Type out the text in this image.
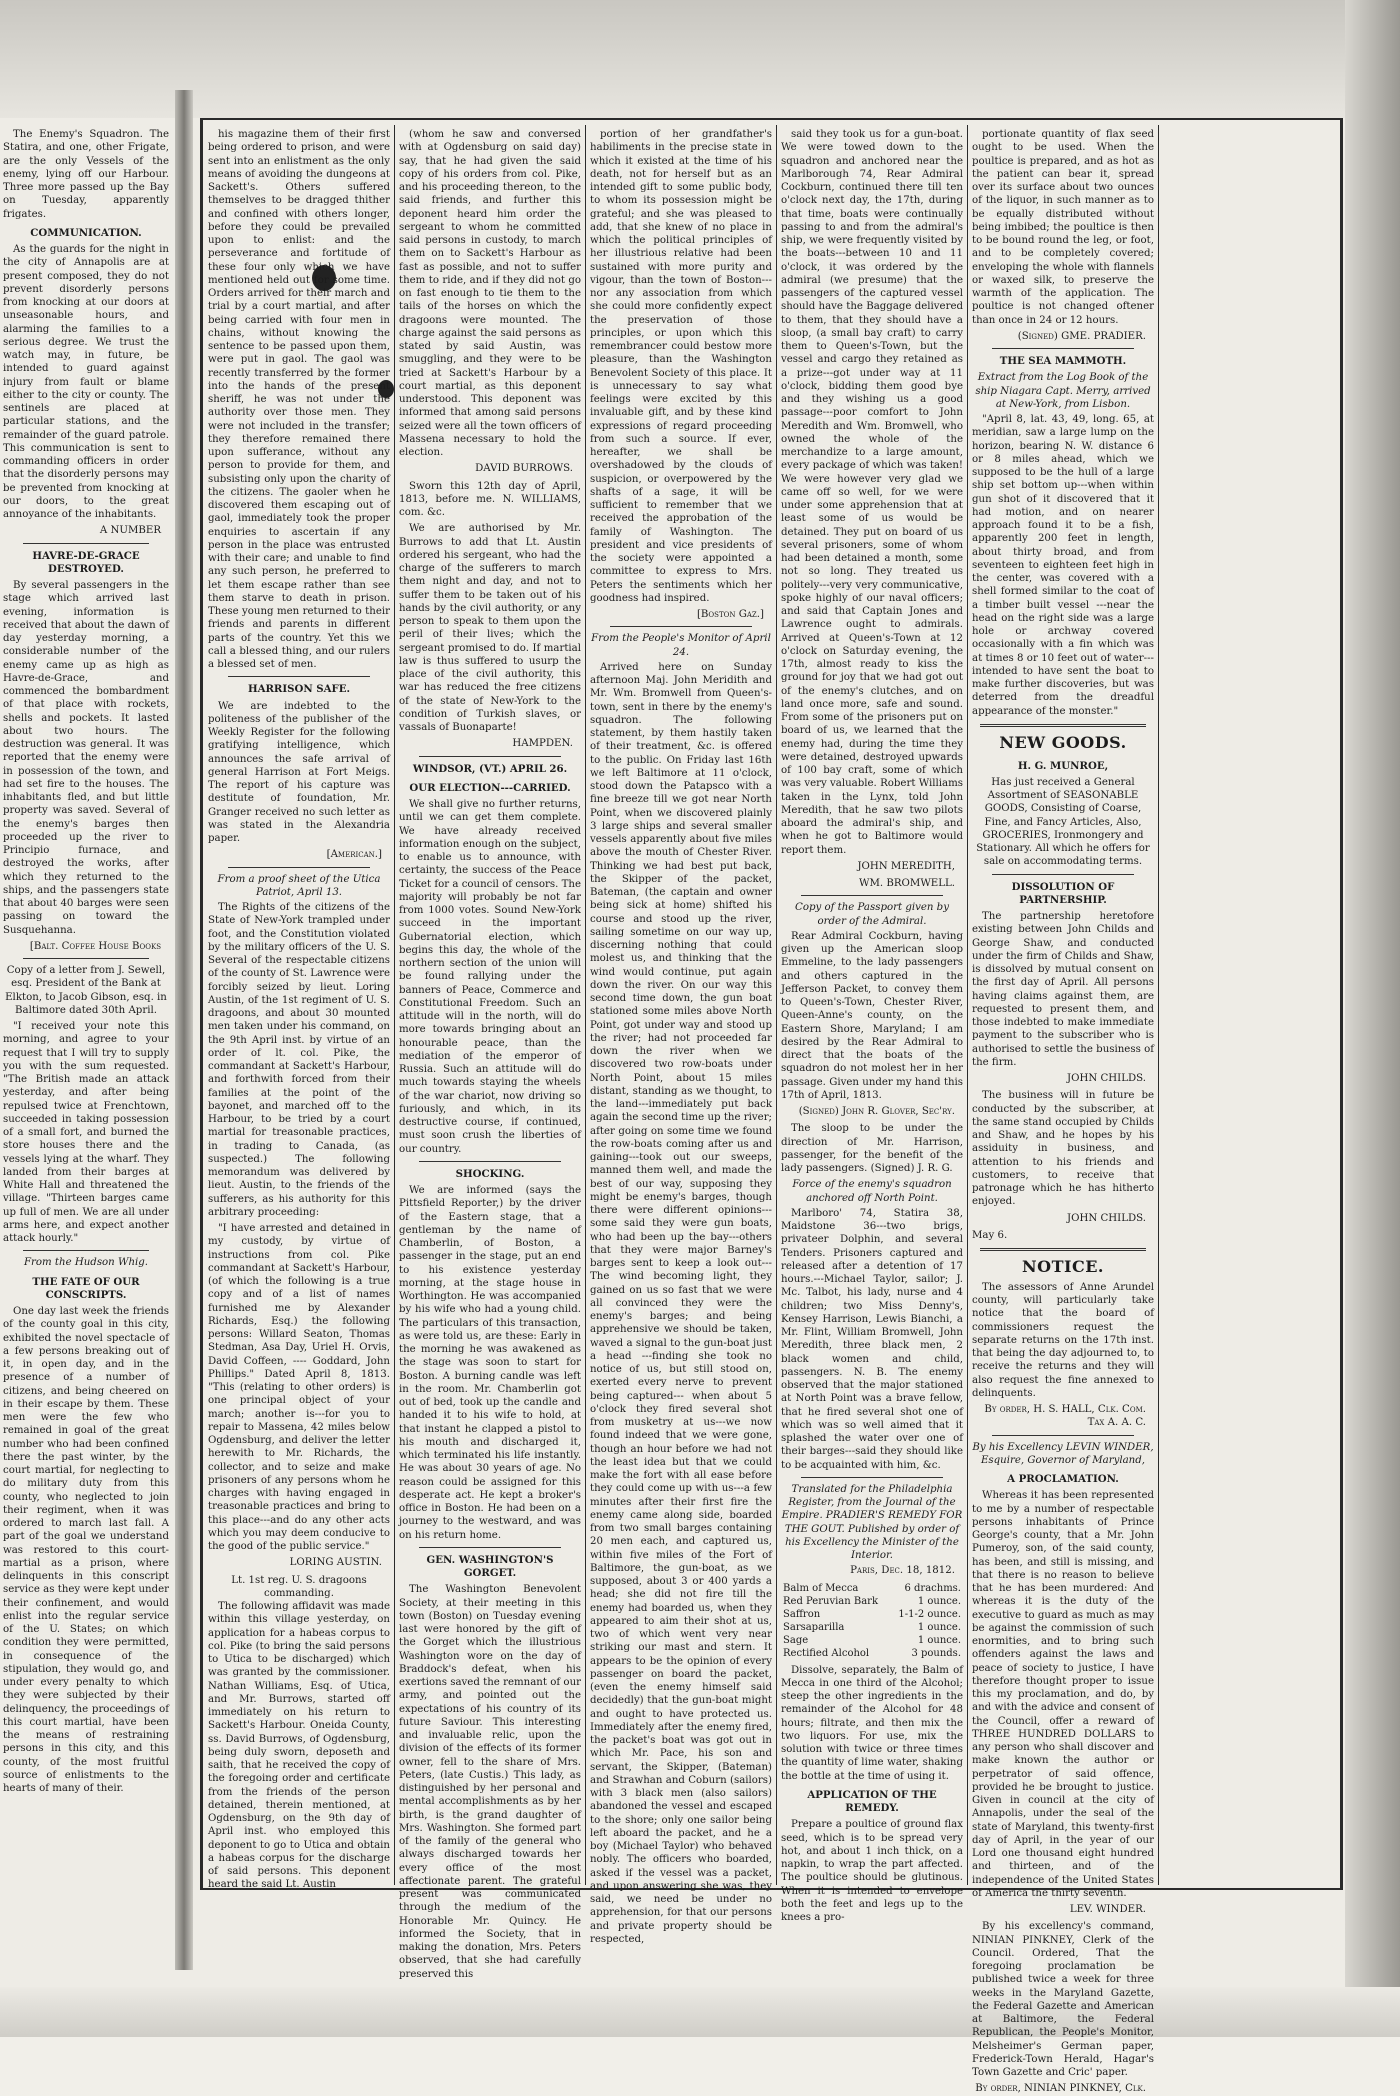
The Enemy's Squadron. The Statira, and one, other Frigate, are the only Vessels of the enemy, lying off our Harbour. Three more passed up the Bay on Tuesday, apparently frigates.

COMMUNICATION.

As the guards for the night in the city of Annapolis are at present composed, they do not prevent disorderly persons from knocking at our doors at unseasonable hours, and alarming the families to a serious degree. We trust the watch may, in future, be intended to guard against injury from fault or blame either to the city or county. The sentinels are placed at particular stations, and the remainder of the guard patrole. This communication is sent to commanding officers in order that the disorderly persons may be prevented from knocking at our doors, to the great annoyance of the inhabitants.

A NUMBER
HAVRE-DE-GRACE DESTROYED.

By several passengers in the stage which arrived last evening, information is received that about the dawn of day yesterday morning, a considerable number of the enemy came up as high as Havre-de-Grace, and commenced the bombardment of that place with rockets, shells and pockets. It lasted about two hours. The destruction was general. It was reported that the enemy were in possession of the town, and had set fire to the houses. The inhabitants fled, and but little property was saved. Several of the enemy's barges then proceeded up the river to Principio furnace, and destroyed the works, after which they returned to the ships, and the passengers state that about 40 barges were seen passing on toward the Susquehanna.

[Balt. Coffee House Books

Copy of a letter from J. Sewell, esq. President of the Bank at Elkton, to Jacob Gibson, esq. in Baltimore dated 30th April.

"I received your note this morning, and agree to your request that I will try to supply you with the sum requested. "The British made an attack yesterday, and after being repulsed twice at Frenchtown, succeeded in taking possession of a small fort, and burned the store houses there and the vessels lying at the wharf. They landed from their barges at White Hall and threatened the village. "Thirteen barges came up full of men. We are all under arms here, and expect another attack hourly."

From the Hudson Whig.
THE FATE OF OUR CONSCRIPTS.

One day last week the friends of the county goal in this city, exhibited the novel spectacle of a few persons breaking out of it, in open day, and in the presence of a number of citizens, and being cheered on in their escape by them. These men were the few who remained in goal of the great number who had been confined there the past winter, by the court martial, for neglecting to do military duty from this county, who neglected to join their regiment, when it was ordered to march last fall. A part of the goal we understand was restored to this court-martial as a prison, where delinquents in this conscript service as they were kept under their confinement, and would enlist into the regular service of the U. States; on which condition they were permitted, in consequence of the stipulation, they would go, and under every penalty to which they were subjected by their delinquency, the proceedings of this court martial, have been the means of restraining persons in this city, and this county, of the most fruitful source of enlistments to the hearts of many of their.

his magazine them of their first being ordered to prison, and were sent into an enlistment as the only means of avoiding the dungeons at Sackett's. Others suffered themselves to be dragged thither and confined with others longer, before they could be prevailed upon to enlist: and the perseverance and fortitude of these four only which we have mentioned held out for some time. Orders arrived for their march and trial by a court martial, and after being carried with four men in chains, without knowing the sentence to be passed upon them, were put in gaol. The gaol was recently transferred by the former into the hands of the present sheriff, he was not under the authority over those men. They were not included in the transfer; they therefore remained there upon sufferance, without any person to provide for them, and subsisting only upon the charity of the citizens. The gaoler when he discovered them escaping out of gaol, immediately took the proper enquiries to ascertain if any person in the place was entrusted with their care; and unable to find any such person, he preferred to let them escape rather than see them starve to death in prison. These young men returned to their friends and parents in different parts of the country. Yet this we call a blessed thing, and our rulers a blessed set of men.

HARRISON SAFE.

We are indebted to the politeness of the publisher of the Weekly Register for the following gratifying intelligence, which announces the safe arrival of general Harrison at Fort Meigs. The report of his capture was destitute of foundation, Mr. Granger received no such letter as was stated in the Alexandria paper.

[American.]
From a proof sheet of the Utica Patriot, April 13.

The Rights of the citizens of the State of New-York trampled under foot, and the Constitution violated by the military officers of the U. S. Several of the respectable citizens of the county of St. Lawrence were forcibly seized by lieut. Loring Austin, of the 1st regiment of U. S. dragoons, and about 30 mounted men taken under his command, on the 9th April inst. by virtue of an order of lt. col. Pike, the commandant at Sackett's Harbour, and forthwith forced from their families at the point of the bayonet, and marched off to the Harbour, to be tried by a court martial for treasonable practices, in trading to Canada, (as suspected.) The following memorandum was delivered by lieut. Austin, to the friends of the sufferers, as his authority for this arbitrary proceeding:

"I have arrested and detained in my custody, by virtue of instructions from col. Pike commandant at Sackett's Harbour, (of which the following is a true copy and of a list of names furnished me by Alexander Richards, Esq.) the following persons: Willard Seaton, Thomas Stedman, Asa Day, Uriel H. Orvis, David Coffeen, ---- Goddard, John Phillips." Dated April 8, 1813. "This (relating to other orders) is one principal object of your march; another is---for you to repair to Massena, 42 miles below Ogdensburg, and deliver the letter herewith to Mr. Richards, the collector, and to seize and make prisoners of any persons whom he charges with having engaged in treasonable practices and bring to this place---and do any other acts which you may deem conducive to the good of the public service."

LORING AUSTIN.
Lt. 1st reg. U. S. dragoons commanding.

The following affidavit was made within this village yesterday, on application for a habeas corpus to col. Pike (to bring the said persons to Utica to be discharged) which was granted by the commissioner. Nathan Williams, Esq. of Utica, and Mr. Burrows, started off immediately on his return to Sackett's Harbour. Oneida County, ss. David Burrows, of Ogdensburg, being duly sworn, deposeth and saith, that he received the copy of the foregoing order and certificate from the friends of the person detained, therein mentioned, at Ogdensburg, on the 9th day of April inst. who employed this deponent to go to Utica and obtain a habeas corpus for the discharge of said persons. This deponent heard the said Lt. Austin

(whom he saw and conversed with at Ogdensburg on said day) say, that he had given the said copy of his orders from col. Pike, and his proceeding thereon, to the said friends, and further this deponent heard him order the sergeant to whom he committed said persons in custody, to march them on to Sackett's Harbour as fast as possible, and not to suffer them to ride, and if they did not go on fast enough to tie them to the tails of the horses on which the dragoons were mounted. The charge against the said persons as stated by said Austin, was smuggling, and they were to be tried at Sackett's Harbour by a court martial, as this deponent understood. This deponent was informed that among said persons seized were all the town officers of Massena necessary to hold the election.

DAVID BURROWS.

Sworn this 12th day of April, 1813, before me. N. WILLIAMS, com. &c.

We are authorised by Mr. Burrows to add that Lt. Austin ordered his sergeant, who had the charge of the sufferers to march them night and day, and not to suffer them to be taken out of his hands by the civil authority, or any person to speak to them upon the peril of their lives; which the sergeant promised to do. If martial law is thus suffered to usurp the place of the civil authority, this war has reduced the free citizens of the state of New-York to the condition of Turkish slaves, or vassals of Buonaparte!

HAMPDEN.
WINDSOR, (VT.) APRIL 26.
OUR ELECTION---CARRIED.

We shall give no further returns, until we can get them complete. We have already received information enough on the subject, to enable us to announce, with certainty, the success of the Peace Ticket for a council of censors. The majority will probably be not far from 1000 votes. Sound New-York succeed in the important Gubernatorial election, which begins this day, the whole of the northern section of the union will be found rallying under the banners of Peace, Commerce and Constitutional Freedom. Such an attitude will in the north, will do more towards bringing about an honourable peace, than the mediation of the emperor of Russia. Such an attitude will do much towards staying the wheels of the war chariot, now driving so furiously, and which, in its destructive course, if continued, must soon crush the liberties of our country.

SHOCKING.

We are informed (says the Pittsfield Reporter,) by the driver of the Eastern stage, that a gentleman by the name of Chamberlin, of Boston, a passenger in the stage, put an end to his existence yesterday morning, at the stage house in Worthington. He was accompanied by his wife who had a young child. The particulars of this transaction, as were told us, are these: Early in the morning he was awakened as the stage was soon to start for Boston. A burning candle was left in the room. Mr. Chamberlin got out of bed, took up the candle and handed it to his wife to hold, at that instant he clapped a pistol to his mouth and discharged it, which terminated his life instantly. He was about 30 years of age. No reason could be assigned for this desperate act. He kept a broker's office in Boston. He had been on a journey to the westward, and was on his return home.

GEN. WASHINGTON'S GORGET.

The Washington Benevolent Society, at their meeting in this town (Boston) on Tuesday evening last were honored by the gift of the Gorget which the illustrious Washington wore on the day of Braddock's defeat, when his exertions saved the remnant of our army, and pointed out the expectations of his country of its future Saviour. This interesting and invaluable relic, upon the division of the effects of its former owner, fell to the share of Mrs. Peters, (late Custis.) This lady, as distinguished by her personal and mental accomplishments as by her birth, is the grand daughter of Mrs. Washington. She formed part of the family of the general who always discharged towards her every office of the most affectionate parent. The grateful present was communicated through the medium of the Honorable Mr. Quincy. He informed the Society, that in making the donation, Mrs. Peters observed, that she had carefully preserved this

portion of her grandfather's habiliments in the precise state in which it existed at the time of his death, not for herself but as an intended gift to some public body, to whom its possession might be grateful; and she was pleased to add, that she knew of no place in which the political principles of her illustrious relative had been sustained with more purity and vigour, than the town of Boston---nor any association from which she could more confidently expect the preservation of those principles, or upon which this remembrancer could bestow more pleasure, than the Washington Benevolent Society of this place. It is unnecessary to say what feelings were excited by this invaluable gift, and by these kind expressions of regard proceeding from such a source. If ever, hereafter, we shall be overshadowed by the clouds of suspicion, or overpowered by the shafts of a sage, it will be sufficient to remember that we received the approbation of the family of Washington. The president and vice presidents of the society were appointed a committee to express to Mrs. Peters the sentiments which her goodness had inspired.

[Boston Gaz.]
From the People's Monitor of April 24.

Arrived here on Sunday afternoon Maj. John Meridith and Mr. Wm. Bromwell from Queen's-town, sent in there by the enemy's squadron. The following statement, by them hastily taken of their treatment, &c. is offered to the public. On Friday last 16th we left Baltimore at 11 o'clock, stood down the Patapsco with a fine breeze till we got near North Point, when we discovered plainly 3 large ships and several smaller vessels apparently about five miles above the mouth of Chester River. Thinking we had best put back, the Skipper of the packet, Bateman, (the captain and owner being sick at home) shifted his course and stood up the river, sailing sometime on our way up, discerning nothing that could molest us, and thinking that the wind would continue, put again down the river. On our way this second time down, the gun boat stationed some miles above North Point, got under way and stood up the river; had not proceeded far down the river when we discovered two row-boats under North Point, about 15 miles distant, standing as we thought, to the land---immediately put back again the second time up the river; after going on some time we found the row-boats coming after us and gaining---took out our sweeps, manned them well, and made the best of our way, supposing they might be enemy's barges, though there were different opinions---some said they were gun boats, who had been up the bay---others that they were major Barney's barges sent to keep a look out---The wind becoming light, they gained on us so fast that we were all convinced they were the enemy's barges; and being apprehensive we should be taken, waved a signal to the gun-boat just a head ---finding she took no notice of us, but still stood on, exerted every nerve to prevent being captured--- when about 5 o'clock they fired several shot from musketry at us---we now found indeed that we were gone, though an hour before we had not the least idea but that we could make the fort with all ease before they could come up with us---a few minutes after their first fire the enemy came along side, boarded from two small barges containing 20 men each, and captured us, within five miles of the Fort of Baltimore, the gun-boat, as we supposed, about 3 or 400 yards a head; she did not fire till the enemy had boarded us, when they appeared to aim their shot at us, two of which went very near striking our mast and stern. It appears to be the opinion of every passenger on board the packet, (even the enemy himself said decidedly) that the gun-boat might and ought to have protected us. Immediately after the enemy fired, the packet's boat was got out in which Mr. Pace, his son and servant, the Skipper, (Bateman) and Strawhan and Coburn (sailors) with 3 black men (also sailors) abandoned the vessel and escaped to the shore; only one sailor being left aboard the packet, and he a boy (Michael Taylor) who behaved nobly. The officers who boarded, asked if the vessel was a packet, and upon answering she was, they said, we need be under no apprehension, for that our persons and private property should be respected,

said they took us for a gun-boat. We were towed down to the squadron and anchored near the Marlborough 74, Rear Admiral Cockburn, continued there till ten o'clock next day, the 17th, during that time, boats were continually passing to and from the admiral's ship, we were frequently visited by the boats---between 10 and 11 o'clock, it was ordered by the admiral (we presume) that the passengers of the captured vessel should have the Baggage delivered to them, that they should have a sloop, (a small bay craft) to carry them to Queen's-Town, but the vessel and cargo they retained as a prize---got under way at 11 o'clock, bidding them good bye and they wishing us a good passage---poor comfort to John Meredith and Wm. Bromwell, who owned the whole of the merchandize to a large amount, every package of which was taken! We were however very glad we came off so well, for we were under some apprehension that at least some of us would be detained. They put on board of us several prisoners, some of whom had been detained a month, some not so long. They treated us politely---very very communicative, spoke highly of our naval officers; and said that Captain Jones and Lawrence ought to admirals. Arrived at Queen's-Town at 12 o'clock on Saturday evening, the 17th, almost ready to kiss the ground for joy that we had got out of the enemy's clutches, and on land once more, safe and sound. From some of the prisoners put on board of us, we learned that the enemy had, during the time they were detained, destroyed upwards of 100 bay craft, some of which was very valuable. Robert Williams taken in the Lynx, told John Meredith, that he saw two pilots aboard the admiral's ship, and when he got to Baltimore would report them.

JOHN MEREDITH,
WM. BROMWELL.
Copy of the Passport given by order of the Admiral.

Rear Admiral Cockburn, having given up the American sloop Emmeline, to the lady passengers and others captured in the Jefferson Packet, to convey them to Queen's-Town, Chester River, Queen-Anne's county, on the Eastern Shore, Maryland; I am desired by the Rear Admiral to direct that the boats of the squadron do not molest her in her passage. Given under my hand this 17th of April, 1813.

(Signed) John R. Glover, Sec'ry.

The sloop to be under the direction of Mr. Harrison, passenger, for the benefit of the lady passengers. (Signed) J. R. G.

Force of the enemy's squadron anchored off North Point.

Marlboro' 74, Statira 38, Maidstone 36---two brigs, privateer Dolphin, and several Tenders. Prisoners captured and released after a detention of 17 hours.---Michael Taylor, sailor; J. Mc. Talbot, his lady, nurse and 4 children; two Miss Denny's, Kensey Harrison, Lewis Bianchi, a Mr. Flint, William Bromwell, John Meredith, three black men, 2 black women and child, passengers. N. B. The enemy observed that the major stationed at North Point was a brave fellow, that he fired several shot one of which was so well aimed that it splashed the water over one of their barges---said they should like to be acquainted with him, &c.

Translated for the Philadelphia Register, from the Journal of the Empire. PRADIER'S REMEDY FOR THE GOUT. Published by order of his Excellency the Minister of the Interior.
Paris, Dec. 18, 1812.
Balm of Mecca	6 drachms.
Red Peruvian Bark	1 ounce.
Saffron	1-1-2 ounce.
Sarsaparilla	1 ounce.
Sage	1 ounce.
Rectified Alcohol	3 pounds.

Dissolve, separately, the Balm of Mecca in one third of the Alcohol; steep the other ingredients in the remainder of the Alcohol for 48 hours; filtrate, and then mix the two liquors. For use, mix the solution with twice or three times the quantity of lime water, shaking the bottle at the time of using it.

APPLICATION OF THE REMEDY.

Prepare a poultice of ground flax seed, which is to be spread very hot, and about 1 inch thick, on a napkin, to wrap the part affected. The poultice should be glutinous. When it is intended to envelope both the feet and legs up to the knees a pro-

portionate quantity of flax seed ought to be used. When the poultice is prepared, and as hot as the patient can bear it, spread over its surface about two ounces of the liquor, in such manner as to be equally distributed without being imbibed; the poultice is then to be bound round the leg, or foot, and to be completely covered; enveloping the whole with flannels or waxed silk, to preserve the warmth of the application. The poultice is not changed oftener than once in 24 or 12 hours.

(Signed) GME. PRADIER.
THE SEA MAMMOTH.
Extract from the Log Book of the ship Niagara Capt. Merry, arrived at New-York, from Lisbon.

"April 8, lat. 43, 49, long. 65, at meridian, saw a large lump on the horizon, bearing N. W. distance 6 or 8 miles ahead, which we supposed to be the hull of a large ship set bottom up---when within gun shot of it discovered that it had motion, and on nearer approach found it to be a fish, apparently 200 feet in length, about thirty broad, and from seventeen to eighteen feet high in the center, was covered with a shell formed similar to the coat of a timber built vessel ---near the head on the right side was a large hole or archway covered occasionally with a fin which was at times 8 or 10 feet out of water--- intended to have sent the boat to make further discoveries, but was deterred from the dreadful appearance of the monster."

NEW GOODS.
H. G. MUNROE,

Has just received a General Assortment of SEASONABLE GOODS, Consisting of Coarse, Fine, and Fancy Articles, Also, GROCERIES, Ironmongery and Stationary. All which he offers for sale on accommodating terms.

DISSOLUTION OF PARTNERSHIP.

The partnership heretofore existing between John Childs and George Shaw, and conducted under the firm of Childs and Shaw, is dissolved by mutual consent on the first day of April. All persons having claims against them, are requested to present them, and those indebted to make immediate payment to the subscriber who is authorised to settle the business of the firm.

JOHN CHILDS.

The business will in future be conducted by the subscriber, at the same stand occupied by Childs and Shaw, and he hopes by his assiduity in business, and attention to his friends and customers, to receive that patronage which he has hitherto enjoyed.

JOHN CHILDS.
May 6.
NOTICE.

The assessors of Anne Arundel county, will particularly take notice that the board of commissioners request the separate returns on the 17th inst. that being the day adjourned to, to receive the returns and they will also request the fine annexed to delinquents.

By order, H. S. HALL, Clk. Com. Tax A. A. C.
By his Excellency LEVIN WINDER, Esquire, Governor of Maryland,
A PROCLAMATION.

Whereas it has been represented to me by a number of respectable persons inhabitants of Prince George's county, that a Mr. John Pumeroy, son, of the said county, has been, and still is missing, and that there is no reason to believe that he has been murdered: And whereas it is the duty of the executive to guard as much as may be against the commission of such enormities, and to bring such offenders against the laws and peace of society to justice, I have therefore thought proper to issue this my proclamation, and do, by and with the advice and consent of the Council, offer a reward of THREE HUNDRED DOLLARS to any person who shall discover and make known the author or perpetrator of said offence, provided he be brought to justice. Given in council at the city of Annapolis, under the seal of the state of Maryland, this twenty-first day of April, in the year of our Lord one thousand eight hundred and thirteen, and of the independence of the United States of America the thirty seventh.

LEV. WINDER.

By his excellency's command, NINIAN PINKNEY, Clerk of the Council. Ordered, That the foregoing proclamation be published twice a week for three weeks in the Maryland Gazette, the Federal Gazette and American at Baltimore, the Federal Republican, the People's Monitor, Melsheimer's German paper, Frederick-Town Herald, Hagar's Town Gazette and Cric' paper.

By order, NINIAN PINKNEY, Clk.
